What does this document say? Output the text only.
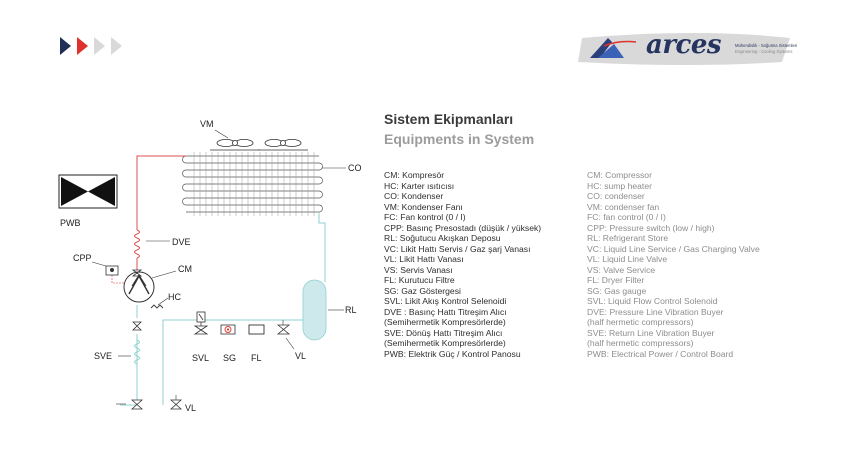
arces	Mühendislik - Soğutma Sistemleri
Engineering - Cooling Systems
Sistem Ekipmanları
Equipments in System
CM: Kompresör
HC: Karter ısıtıcısı
CO: Kondenser
VM: Kondenser Fanı
FC: Fan kontrol (0 / I)
CPP: Basınç Presostadı (düşük / yüksek)
RL: Soğutucu Akışkan Deposu
VC: Likit Hattı Servis / Gaz şarj Vanası
VL: Likit Hattı Vanası
VS: Servis Vanası
FL: Kurutucu Filtre
SG: Gaz Göstergesi
SVL: Likit Akış Kontrol Selenoidi
DVE : Basınç Hattı Titreşim Alıcı
(Semihermetik Kompresörlerde)
SVE: Dönüş Hattı Titreşim Alıcı
(Semihermetik Kompresörlerde)
PWB: Elektrik Güç / Kontrol Panosu
CM: Compressor
HC: sump heater
CO: condenser
VM: condenser fan
FC: fan control (0 / I)
CPP: Pressure switch (low / high)
RL: Refrigerant Store
VC: Liquid Line Service / Gas Charging Valve
VL: Liquid Line Valve
VS: Valve Service
FL: Dryer Filter
SG: Gas gauge
SVL: Liquid Flow Control Solenoid
DVE: Pressure Line Vibration Buyer
(half hermetic compressors)
SVE: Return Line Vibration Buyer
(half hermetic compressors)
PWB: Electrical Power / Control Board
VM
CO
PWB
DVE
CPP
CM
HC
RL
SVE	SVL SG FL	VL
VL
